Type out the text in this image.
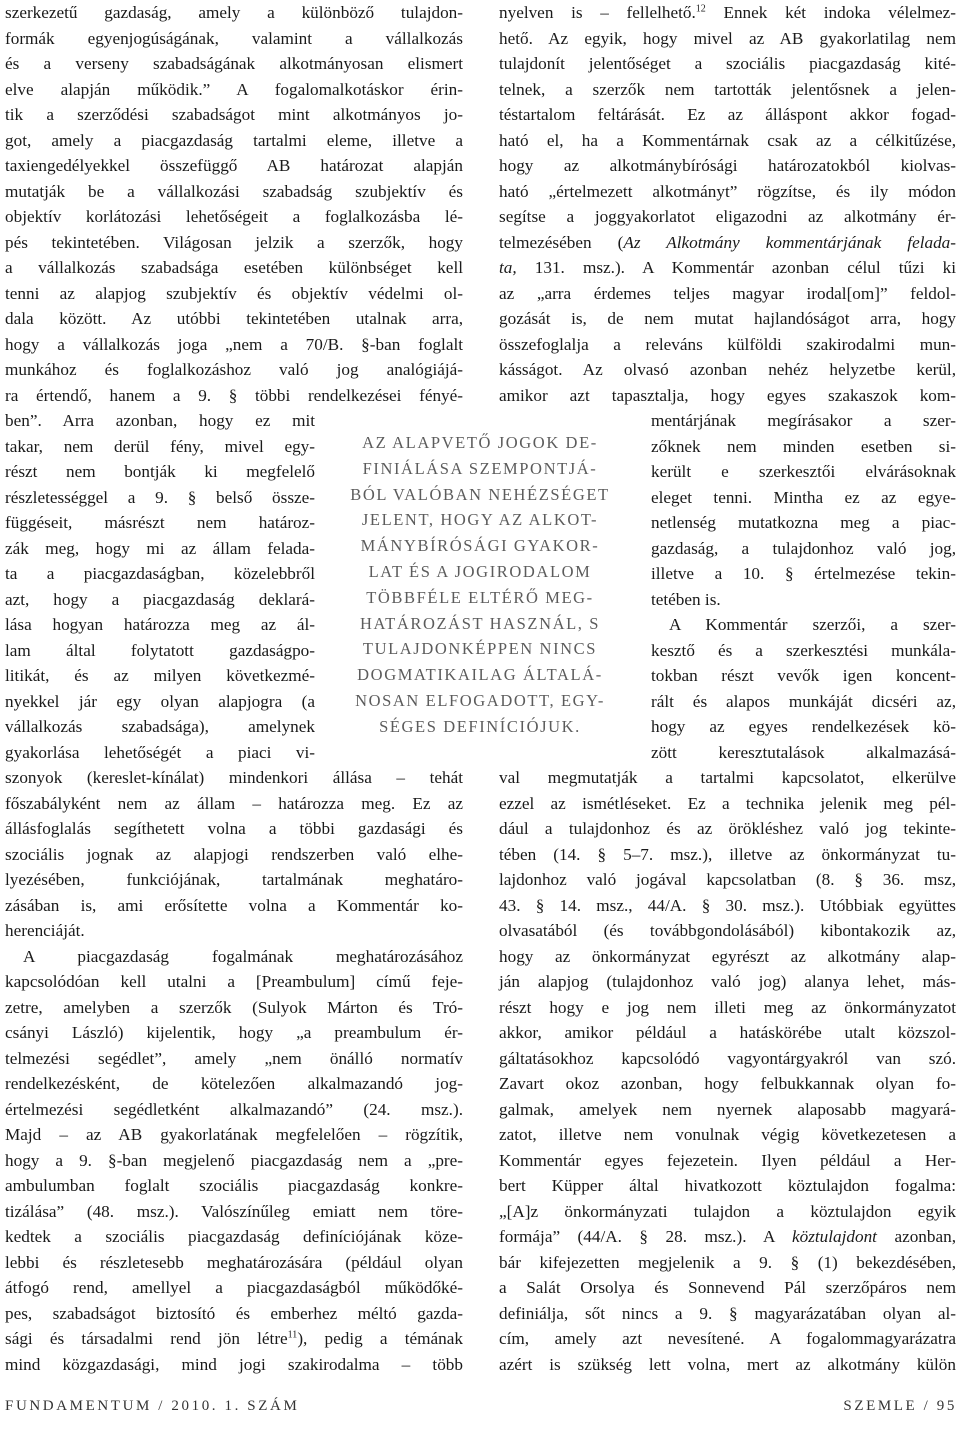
szerkezetű gazdaság, amely a különböző tulajdon-
formák egyenjogúságának, valamint a vállalkozás
és a verseny szabadságának alkotmányosan elismert
elve alapján működik.” A fogalomalkotáskor érin-
tik a szerződési szabadságot mint alkotmányos jo-
got, amely a piacgazdaság tartalmi eleme, illetve a
taxiengedélyekkel összefüggő AB határozat alapján
mutatják be a vállalkozási szabadság szubjektív és
objektív korlátozási lehetőségeit a foglalkozásba lé-
pés tekintetében. Világosan jelzik a szerzők, hogy
a vállalkozás szabadsága esetében különbséget kell
tenni az alapjog szubjektív és objektív védelmi ol-
dala között. Az utóbbi tekintetében utalnak arra,
hogy a vállalkozás joga „nem a 70/B. §-ban foglalt
munkához és foglalkozáshoz való jog analógiájá-
ra értendő, hanem a 9. § többi rendelkezései fényé-
ben”. Arra azonban, hogy ez mit
takar, nem derül fény, mivel egy-
részt nem bontják ki megfelelő
részletességgel a 9. § belső össze-
függéseit, másrészt nem határoz-
zák meg, hogy mi az állam felada-
ta a piacgazdaságban, közelebbről
azt, hogy a piacgazdaság deklará-
lása hogyan határozza meg az ál-
lam által folytatott gazdaságpo-
litikát, és az milyen következmé-
nyekkel jár egy olyan alapjogra (a
vállalkozás szabadsága), amelynek
gyakorlása lehetőségét a piaci vi-
szonyok (kereslet-kínálat) mindenkori állása – tehát
főszabályként nem az állam – határozza meg. Ez az
állásfoglalás segíthetett volna a többi gazdasági és
szociális jognak az alapjogi rendszerben való elhe-
lyezésében, funkciójának, tartalmának meghatáro-
zásában is, ami erősítette volna a Kommentár ko-
herenciáját.
A piacgazdaság fogalmának meghatározásához
kapcsolódóan kell utalni a [Preambulum] című feje-
zetre, amelyben a szerzők (Sulyok Márton és Tró-
csányi László) kijelentik, hogy „a preambulum ér-
telmezési segédlet”, amely „nem önálló normatív
rendelkezésként, de kötelezően alkalmazandó jog-
értelmezési segédletként alkalmazandó” (24. msz.).
Majd – az AB gyakorlatának megfelelően – rögzítik,
hogy a 9. §-ban megjelenő piacgazdaság nem a „pre-
ambulumban foglalt szociális piacgazdaság konkre-
tizálása” (48. msz.). Valószínűleg emiatt nem töre-
kedtek a szociális piacgazdaság definíciójának köze-
lebbi és részletesebb meghatározására (például olyan
átfogó rend, amellyel a piacgazdaságból működőké-
pes, szabadságot biztosító és emberhez méltó gazda-
sági és társadalmi rend jön létre$^{11}$), pedig a témának
mind közgazdasági, mind jogi szakirodalma – több
AZ ALAPVETŐ JOGOK DE-
FINIÁLÁSA SZEMPONTJÁ-
BÓL VALÓBAN NEHÉZSÉGET
JELENT, HOGY AZ ALKOT-
MÁNYBÍRÓSÁGI GYAKOR-
LAT ÉS A JOGIRODALOM
TÖBBFÉLE ELTÉRŐ MEG-
HATÁROZÁST HASZNÁL, S
TULAJDONKÉPPEN NINCS
DOGMATIKAILAG ÁLTALÁ-
NOSAN ELFOGADOTT, EGY-
SÉGES DEFINÍCIÓJUK.
nyelven is – fellelhető.$^{12}$ Ennek két indoka vélelmez-
hető. Az egyik, hogy mivel az AB gyakorlatilag nem
tulajdonít jelentőséget a szociális piacgazdaság kité-
telnek, a szerzők nem tartották jelentősnek a jelen-
téstartalom feltárását. Ez az álláspont akkor fogad-
ható el, ha a Kommentárnak csak az a célkitűzése,
hogy az alkotmánybírósági határozatokból kiolvas-
ható „értelmezett alkotmányt” rögzítse, és ily módon
segítse a joggyakorlatot eligazodni az alkotmány ér-
telmezésében (Az Alkotmány kommentárjának felada-
ta, 131. msz.). A Kommentár azonban célul tűzi ki
az „arra érdemes teljes magyar irodal[om]” feldol-
gozását is, de nem mutat hajlandóságot arra, hogy
összefoglalja a releváns külföldi szakirodalmi mun-
kásságot. Az olvasó azonban nehéz helyzetbe kerül,
amikor azt tapasztalja, hogy egyes szakaszok kom-
mentárjának megírásakor a szer-
zőknek nem minden esetben si-
került e szerkesztői elvárásoknak
eleget tenni. Mintha ez az egye-
netlenség mutatkozna meg a piac-
gazdaság, a tulajdonhoz való jog,
illetve a 10. § értelmezése tekin-
tetében is.
A Kommentár szerzői, a szer-
kesztő és a szerkesztési munkála-
tokban részt vevők igen koncent-
rált és alapos munkáját dicséri az,
hogy az egyes rendelkezések kö-
zött keresztutalások alkalmazásá-
val megmutatják a tartalmi kapcsolatot, elkerülve
ezzel az ismétléseket. Ez a technika jelenik meg pél-
dául a tulajdonhoz és az örökléshez való jog tekinte-
tében (14. § 5–7. msz.), illetve az önkormányzat tu-
lajdonhoz való jogával kapcsolatban (8. § 36. msz,
43. § 14. msz., 44/A. § 30. msz.). Utóbbiak együttes
olvasatából (és továbbgondolásából) kibontakozik az,
hogy az önkormányzat egyrészt az alkotmány alap-
ján alapjog (tulajdonhoz való jog) alanya lehet, más-
részt hogy e jog nem illeti meg az önkormányzatot
akkor, amikor például a hatáskörébe utalt közszol-
gáltatásokhoz kapcsolódó vagyontárgyakról van szó.
Zavart okoz azonban, hogy felbukkannak olyan fo-
galmak, amelyek nem nyernek alaposabb magyará-
zatot, illetve nem vonulnak végig következetesen a
Kommentár egyes fejezetein. Ilyen például a Her-
bert Küpper által hivatkozott köztulajdon fogalma:
„[A]z önkormányzati tulajdon a köztulajdon egyik
formája” (44/A. § 28. msz.). A köztulajdont azonban,
bár kifejezetten megjelenik a 9. § (1) bekezdésében,
a Salát Orsolya és Sonnevend Pál szerzőpáros nem
definiálja, sőt nincs a 9. § magyarázatában olyan al-
cím, amely azt nevesítené. A fogalommagyarázatra
azért is szükség lett volna, mert az alkotmány külön
FUNDAMENTUM / 2010. 1. SZÁM	SZEMLE / 95
